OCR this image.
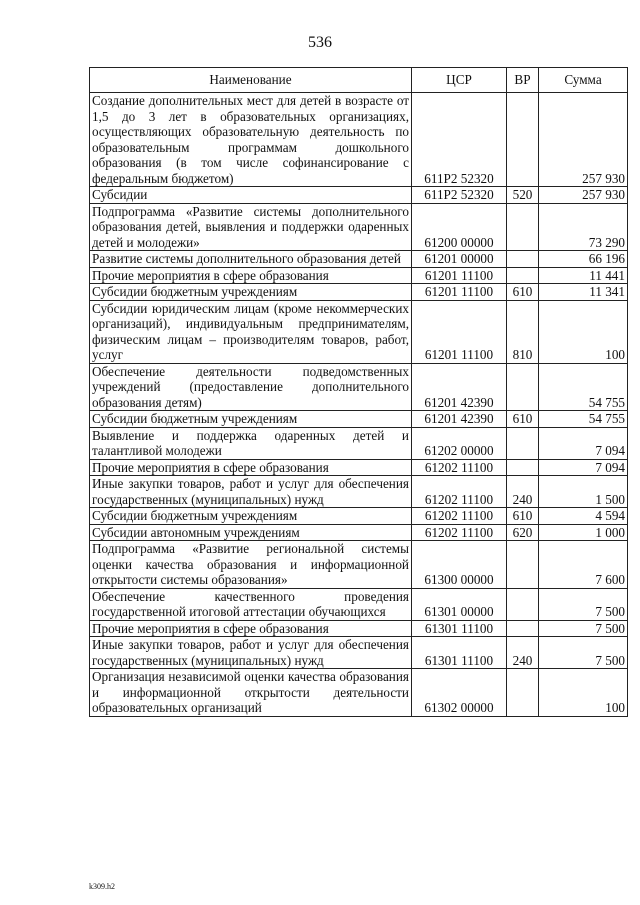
536
Наименование	ЦСР	ВР	Сумма
Создание дополнительных мест для детей в возрасте от 1,5 до 3 лет в образовательных организациях, осуществляющих образовательную деятельность по образовательным программам дошкольного образования (в том числе софинансирование с федеральным бюджетом)	611P2 52320		257 930
Субсидии	611P2 52320	520	257 930
Подпрограмма «Развитие системы дополнительного образования детей, выявления и поддержки одаренных детей и молодежи»	61200 00000		73 290
Развитие системы дополнительного образования детей	61201 00000		66 196
Прочие мероприятия в сфере образования	61201 11100		11 441
Субсидии бюджетным учреждениям	61201 11100	610	11 341
Субсидии юридическим лицам (кроме некоммерческих организаций), индивидуальным предпринимателям, физическим лицам – производителям товаров, работ, услуг	61201 11100	810	100
Обеспечение деятельности подведомственных учреждений (предоставление дополнительного образования детям)	61201 42390		54 755
Субсидии бюджетным учреждениям	61201 42390	610	54 755
Выявление и поддержка одаренных детей и талантливой молодежи	61202 00000		7 094
Прочие мероприятия в сфере образования	61202 11100		7 094
Иные закупки товаров, работ и услуг для обеспечения государственных (муниципальных) нужд	61202 11100	240	1 500
Субсидии бюджетным учреждениям	61202 11100	610	4 594
Субсидии автономным учреждениям	61202 11100	620	1 000
Подпрограмма «Развитие региональной системы оценки качества образования и информационной открытости системы образования»	61300 00000		7 600
Обеспечение качественного проведения государственной итоговой аттестации обучающихся	61301 00000		7 500
Прочие мероприятия в сфере образования	61301 11100		7 500
Иные закупки товаров, работ и услуг для обеспечения государственных (муниципальных) нужд	61301 11100	240	7 500
Организация независимой оценки качества образования и информационной открытости деятельности образовательных организаций	61302 00000		100
k309.h2
